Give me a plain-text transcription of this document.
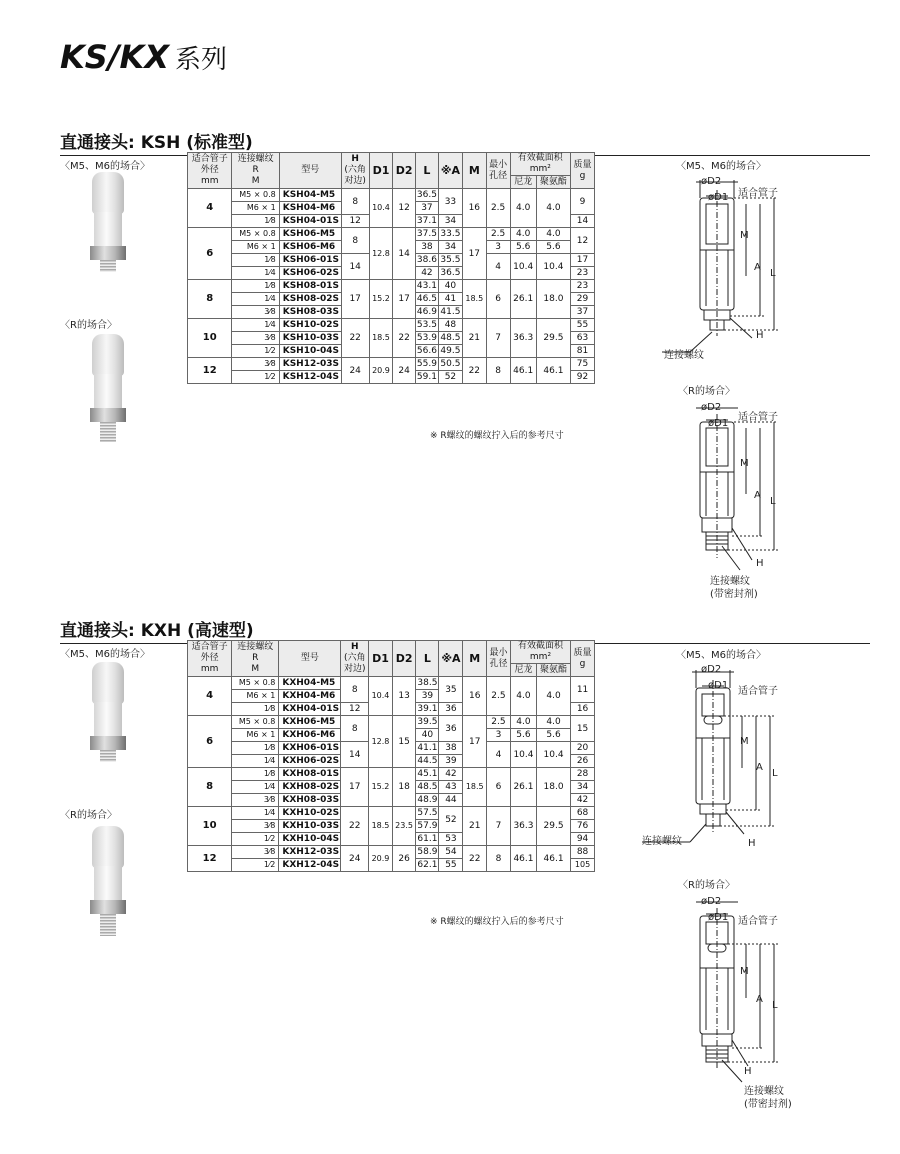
KS/KX 系列
直通接头: KSH (标准型)
〈M5、M6的场合〉
〈R的场合〉
适合管子
外径
mm	连接螺纹
R
M	型号	H
(六角
对边)	D1	D2	L	※A	M	最小
孔径	有效截面积
mm²		质量
g
										尼龙	聚氨酯	
4	M5 × 0.8	KSH04-M5	8	10.4	12	36.5	33	16	2.5	4.0	4.0	9
	M6 × 1	KSH04-M6				37						
	1⁄8	KSH04-01S	12			37.1	34					14
6	M5 × 0.8	KSH06-M5	8	12.8	14	37.5	33.5	17	2.5	4.0	4.0	12
	M6 × 1	KSH06-M6				38	34		3	5.6	5.6	
	1⁄8	KSH06-01S	14			38.6	35.5		4	10.4	10.4	17
	1⁄4	KSH06-02S				42	36.5					23
8	1⁄8	KSH08-01S	17	15.2	17	43.1	40	18.5	6	26.1	18.0	23
	1⁄4	KSH08-02S				46.5	41					29
	3⁄8	KSH08-03S				46.9	41.5					37
10	1⁄4	KSH10-02S	22	18.5	22	53.5	48	21	7	36.3	29.5	55
	3⁄8	KSH10-03S				53.9	48.5					63
	1⁄2	KSH10-04S				56.6	49.5					81
12	3⁄8	KSH12-03S	24	20.9	24	55.9	50.5	22	8	46.1	46.1	75
	1⁄2	KSH12-04S				59.1	52					92
※ R螺纹的螺纹拧入后的参考尺寸
〈M5、M6的场合〉
øD2
øD1 适合管子
M
A
L
H
连接螺纹
〈R的场合〉
øD2
øD1
适合管子
M
A
L
H
连接螺纹
(带密封剂)
直通接头: KXH (高速型)
〈M5、M6的场合〉
〈R的场合〉
适合管子
外径
mm	连接螺纹
R
M	型号	H
(六角
对边)	D1	D2	L	※A	M	最小
孔径	有效截面积
mm²		质量
g
										尼龙	聚氨酯	
4	M5 × 0.8	KXH04-M5	8	10.4	13	38.5	35	16	2.5	4.0	4.0	11
	M6 × 1	KXH04-M6				39						
	1⁄8	KXH04-01S	12			39.1	36					16
6	M5 × 0.8	KXH06-M5	8	12.8	15	39.5	36	17	2.5	4.0	4.0	15
	M6 × 1	KXH06-M6				40			3	5.6	5.6	
	1⁄8	KXH06-01S	14			41.1	38		4	10.4	10.4	20
	1⁄4	KXH06-02S				44.5	39					26
8	1⁄8	KXH08-01S	17	15.2	18	45.1	42	18.5	6	26.1	18.0	28
	1⁄4	KXH08-02S				48.5	43					34
	3⁄8	KXH08-03S				48.9	44					42
10	1⁄4	KXH10-02S	22	18.5	23.5	57.5	52	21	7	36.3	29.5	68
	3⁄8	KXH10-03S				57.9						76
	1⁄2	KXH10-04S				61.1	53					94
12	3⁄8	KXH12-03S	24	20.9	26	58.9	54	22	8	46.1	46.1	88
	1⁄2	KXH12-04S				62.1	55					105
※ R螺纹的螺纹拧入后的参考尺寸
〈M5、M6的场合〉
øD2
øD1
适合管子
M
A
L
H
连接螺纹
〈R的场合〉
øD2
øD1 适合管子
M
A
L
H
连接螺纹
(带密封剂)
